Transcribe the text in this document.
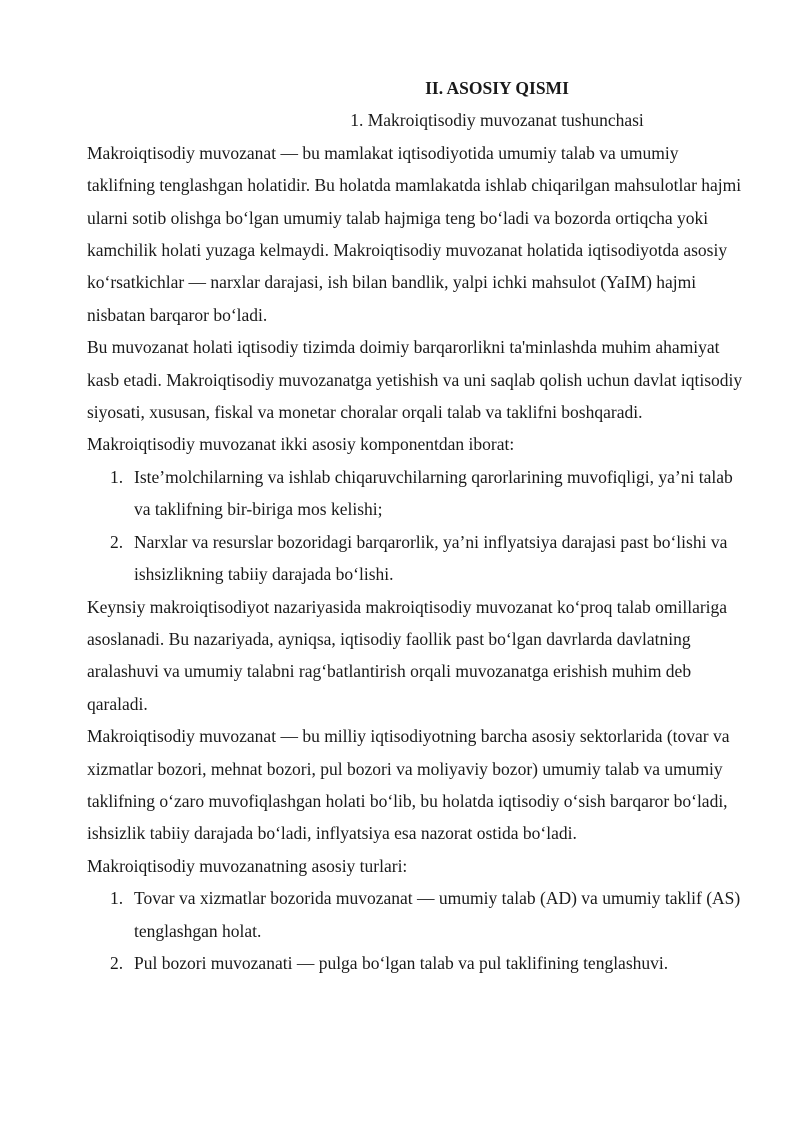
II. ASOSIY QISMI

1. Makroiqtisodiy muvozanat tushunchasi

Makroiqtisodiy muvozanat — bu mamlakat iqtisodiyotida umumiy talab va umumiy taklifning tenglashgan holatidir. Bu holatda mamlakatda ishlab chiqarilgan mahsulotlar hajmi ularni sotib olishga boʻlgan umumiy talab hajmiga teng boʻladi va bozorda ortiqcha yoki kamchilik holati yuzaga kelmaydi. Makroiqtisodiy muvozanat holatida iqtisodiyotda asosiy koʻrsatkichlar — narxlar darajasi, ish bilan bandlik, yalpi ichki mahsulot (YaIM) hajmi nisbatan barqaror boʻladi.

Bu muvozanat holati iqtisodiy tizimda doimiy barqarorlikni ta'minlashda muhim ahamiyat kasb etadi. Makroiqtisodiy muvozanatga yetishish va uni saqlab qolish uchun davlat iqtisodiy siyosati, xususan, fiskal va monetar choralar orqali talab va taklifni boshqaradi.

Makroiqtisodiy muvozanat ikki asosiy komponentdan iborat:

1. Iste’molchilarning va ishlab chiqaruvchilarning qarorlarining muvofiqligi, ya’ni talab va taklifning bir-biriga mos kelishi;
2. Narxlar va resurslar bozoridagi barqarorlik, ya’ni inflyatsiya darajasi past boʻlishi va ishsizlikning tabiiy darajada boʻlishi.

Keynsiy makroiqtisodiyot nazariyasida makroiqtisodiy muvozanat koʻproq talab omillariga asoslanadi. Bu nazariyada, ayniqsa, iqtisodiy faollik past boʻlgan davrlarda davlatning aralashuvi va umumiy talabni ragʻbatlantirish orqali muvozanatga erishish muhim deb qaraladi.

Makroiqtisodiy muvozanat — bu milliy iqtisodiyotning barcha asosiy sektorlarida (tovar va xizmatlar bozori, mehnat bozori, pul bozori va moliyaviy bozor) umumiy talab va umumiy taklifning oʻzaro muvofiqlashgan holati boʻlib, bu holatda iqtisodiy oʻsish barqaror boʻladi, ishsizlik tabiiy darajada boʻladi, inflyatsiya esa nazorat ostida boʻladi.

Makroiqtisodiy muvozanatning asosiy turlari:

1. Tovar va xizmatlar bozorida muvozanat — umumiy talab (AD) va umumiy taklif (AS) tenglashgan holat.
2. Pul bozori muvozanati — pulga boʻlgan talab va pul taklifining tenglashuvi.
